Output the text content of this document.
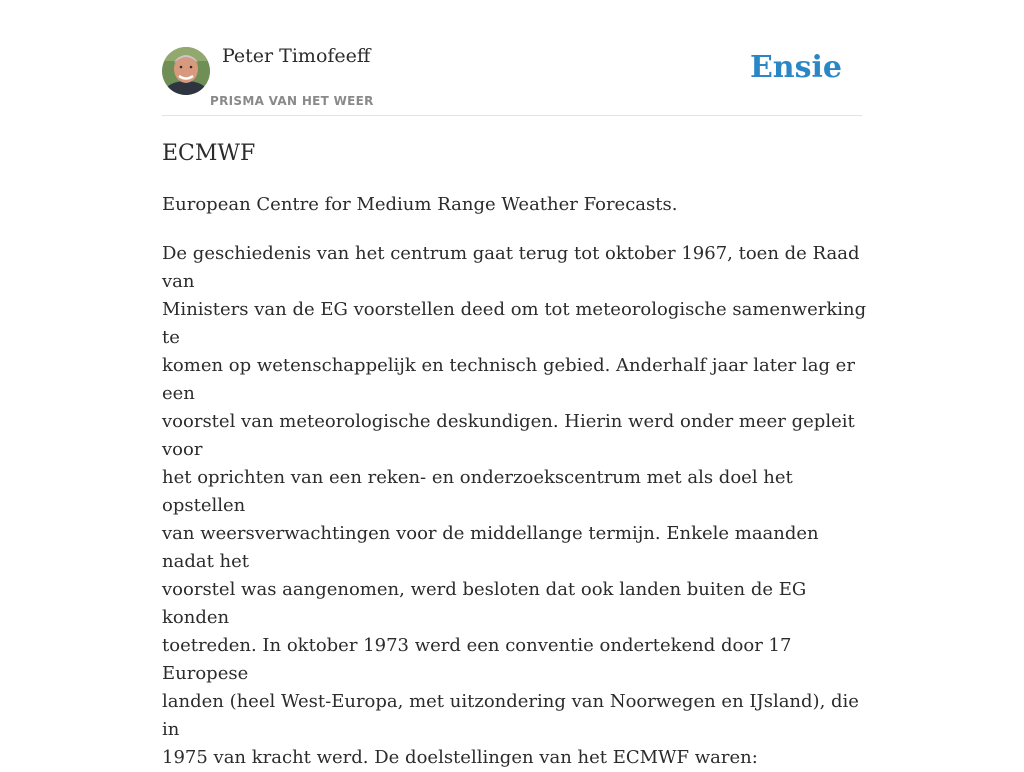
Peter Timofeeff
PRISMA VAN HET WEER
Ensie
ECMWF

European Centre for Medium Range Weather Forecasts.

De geschiedenis van het centrum gaat terug tot oktober 1967, toen de Raad van
Ministers van de EG voorstellen deed om tot meteorologische samenwerking te
komen op wetenschappelijk en technisch gebied. Anderhalf jaar later lag er een
voorstel van meteorologische deskundigen. Hierin werd onder meer gepleit voor
het oprichten van een reken- en onderzoekscentrum met als doel het opstellen
van weersverwachtingen voor de middellange termijn. Enkele maanden nadat het
voorstel was aangenomen, werd besloten dat ook landen buiten de EG konden
toetreden. In oktober 1973 werd een conventie ondertekend door 17 Europese
landen (heel West-Europa, met uitzondering van Noorwegen en IJsland), die in
1975 van kracht werd. De doelstellingen van het ECMWF waren:
